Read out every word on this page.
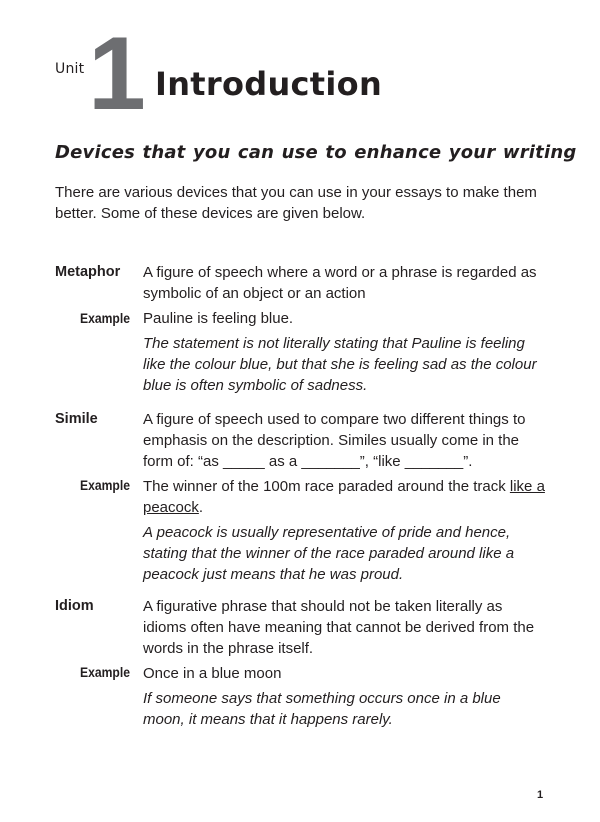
Unit 1 Introduction
Devices that you can use to enhance your writing
There are various devices that you can use in your essays to make them better. Some of these devices are given below.
Metaphor
Example

A figure of speech where a word or a phrase is regarded as symbolic of an object or an action

Pauline is feeling blue.

The statement is not literally stating that Pauline is feeling like the colour blue, but that she is feeling sad as the colour blue is often symbolic of sadness.

Simile
Example

A figure of speech used to compare two different things to emphasis on the description. Similes usually come in the form of: “as _____ as a _______”, “like _______”.

The winner of the 100m race paraded around the track like a peacock.

A peacock is usually representative of pride and hence, stating that the winner of the race paraded around like a peacock just means that he was proud.

Idiom
Example

A figurative phrase that should not be taken literally as idioms often have meaning that cannot be derived from the words in the phrase itself.

Once in a blue moon

If someone says that something occurs once in a blue moon, it means that it happens rarely.

1
